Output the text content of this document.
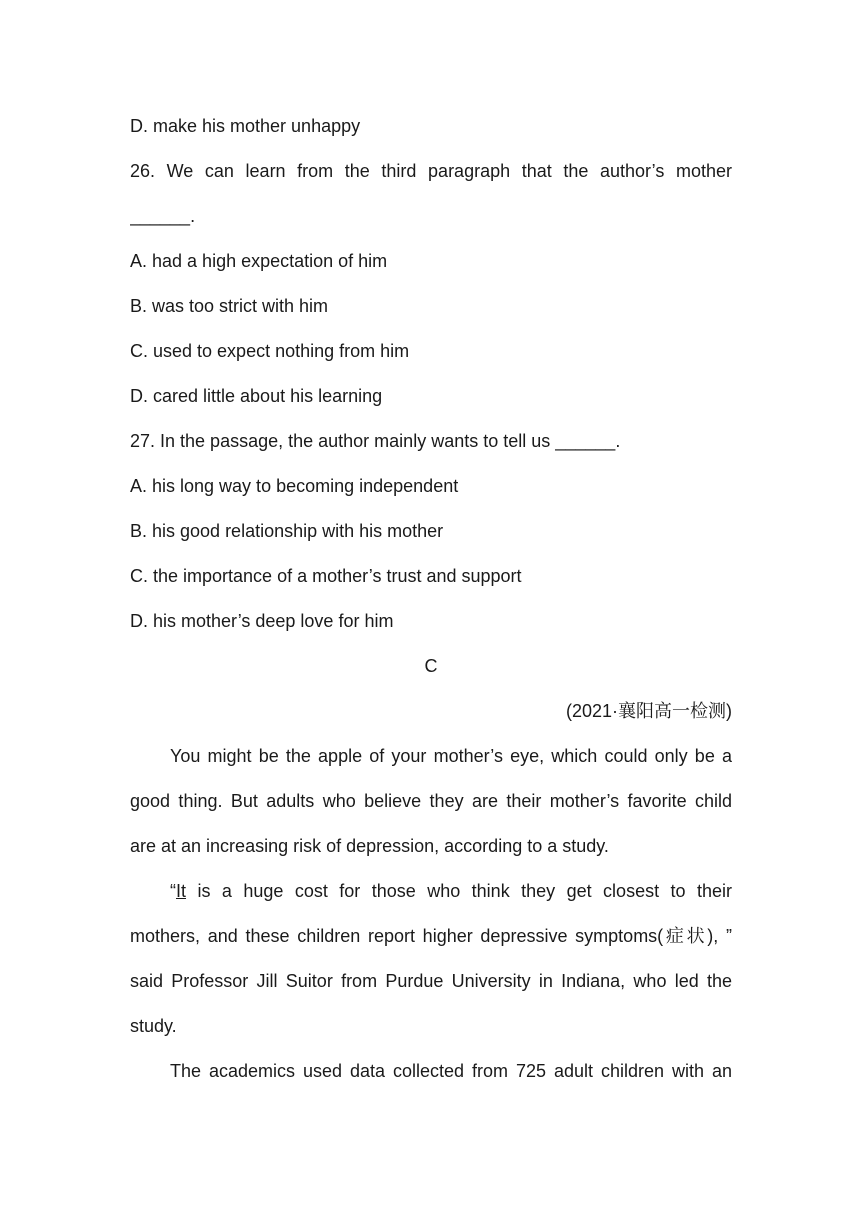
D. make his mother unhappy
26. We can learn from the third paragraph that the author’s mother
______.
A. had a high expectation of him
B. was too strict with him
C. used to expect nothing from him
D. cared little about his learning
27. In the passage, the author mainly wants to tell us ______.
A. his long way to becoming independent
B. his good relationship with his mother
C. the importance of a mother’s trust and support
D. his mother’s deep love for him
C
(2021·襄阳高一检测)
You might be the apple of your mother’s eye, which could only be a
good thing. But adults who believe they are their mother’s favorite child
are at an increasing risk of depression, according to a study.
“It is a huge cost for those who think they get closest to their
mothers, and these children report higher depressive symptoms(症状), ”
said Professor Jill Suitor from Purdue University in Indiana, who led the
study.
The academics used data collected from 725 adult children with an
